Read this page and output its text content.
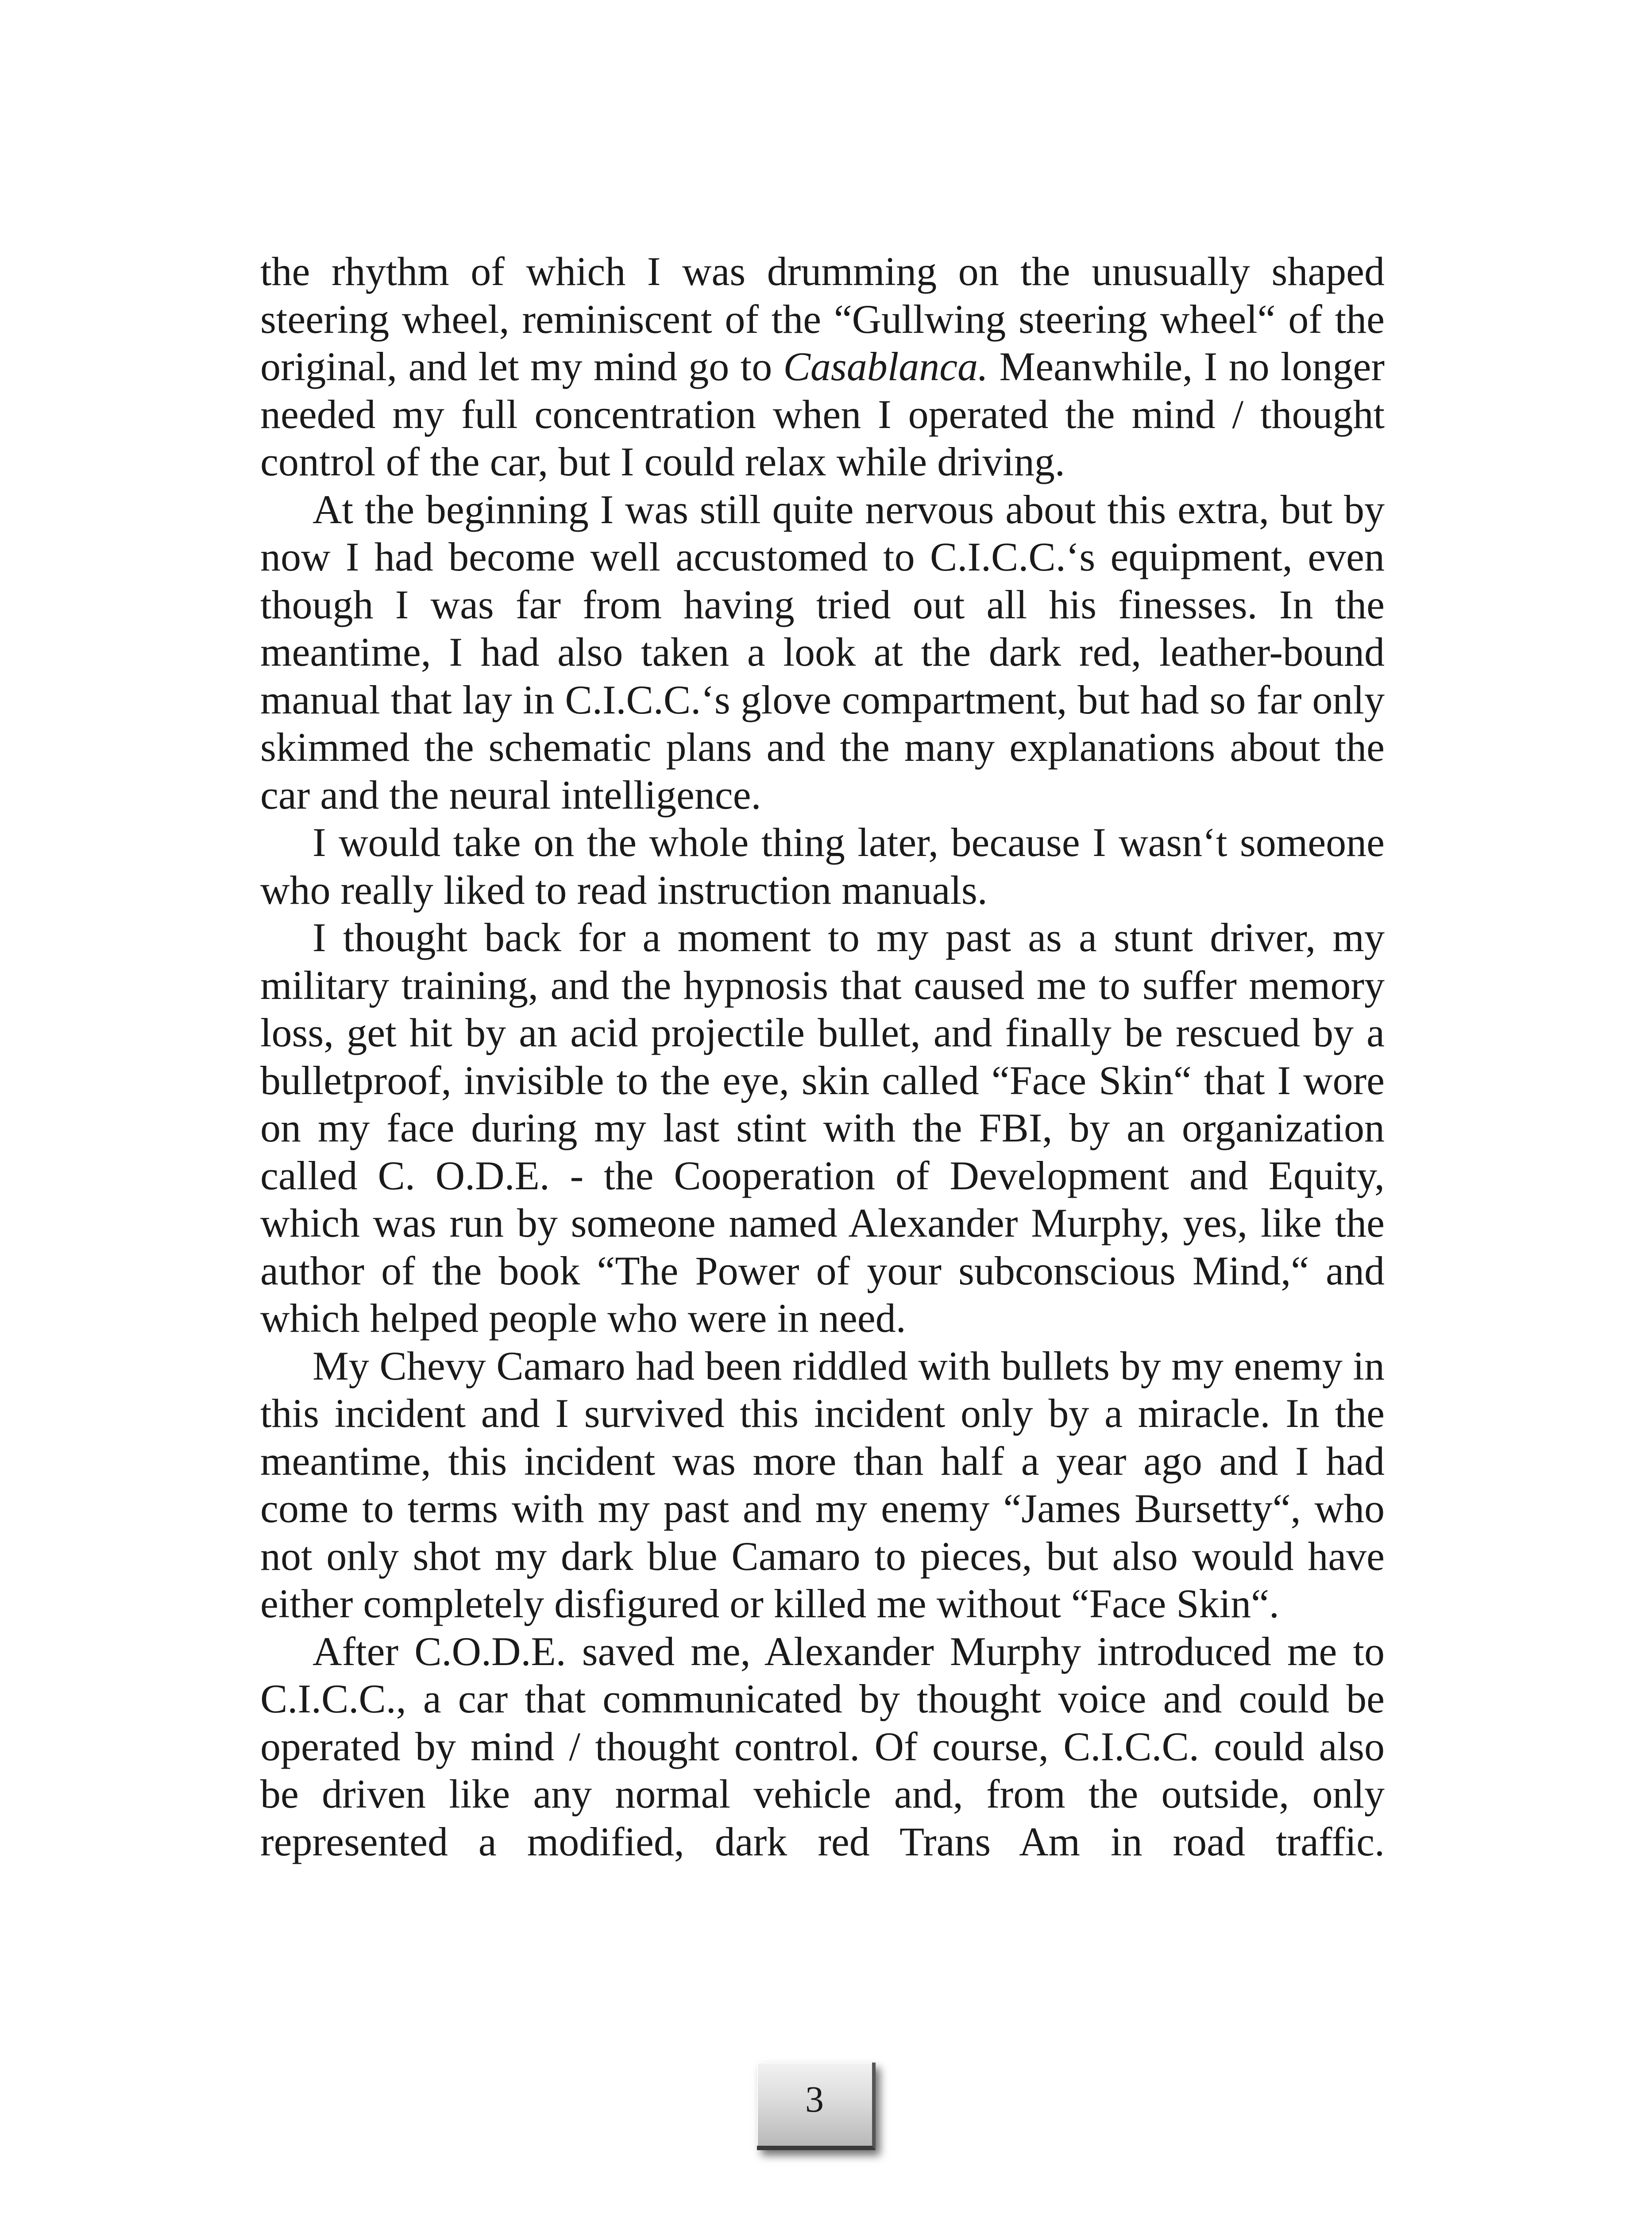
the rhythm of which I was drumming on the unusually shaped steering wheel, reminiscent of the “Gullwing steering wheel“ of the original, and let my mind go to Casablanca. Meanwhile, I no longer needed my full concentration when I operated the mind / thought control of the car, but I could relax while driving.

At the beginning I was still quite nervous about this extra, but by now I had become well accustomed to C.I.C.C.‘s equipment, even though I was far from having tried out all his finesses. In the meantime, I had also taken a look at the dark red, leather-bound manual that lay in C.I.C.C.‘s glove compartment, but had so far only skimmed the schematic plans and the many explanations about the car and the neural intelligence.

I would take on the whole thing later, because I wasn‘t someone who really liked to read instruction manuals.

I thought back for a moment to my past as a stunt driver, my military training, and the hypnosis that caused me to suffer memory loss, get hit by an acid projectile bullet, and finally be rescued by a bulletproof, invisible to the eye, skin called “Face Skin“ that I wore on my face during my last stint with the FBI, by an organization called C. O.D.E. - the Cooperation of Development and Equity, which was run by someone named Alexander Murphy, yes, like the author of the book “The Power of your subconscious Mind,“ and which helped people who were in need.

My Chevy Camaro had been riddled with bullets by my enemy in this incident and I survived this incident only by a miracle. In the meantime, this incident was more than half a year ago and I had come to terms with my past and my enemy “James Bursetty“, who not only shot my dark blue Camaro to pieces, but also would have either completely disfigured or killed me without “Face Skin“.

After C.O.D.E. saved me, Alexander Murphy introduced me to C.I.C.C., a car that communicated by thought voice and could be operated by mind / thought control. Of course, C.I.C.C. could also be driven like any normal vehicle and, from the outside, only represented a modified, dark red Trans Am in road traffic.

3
